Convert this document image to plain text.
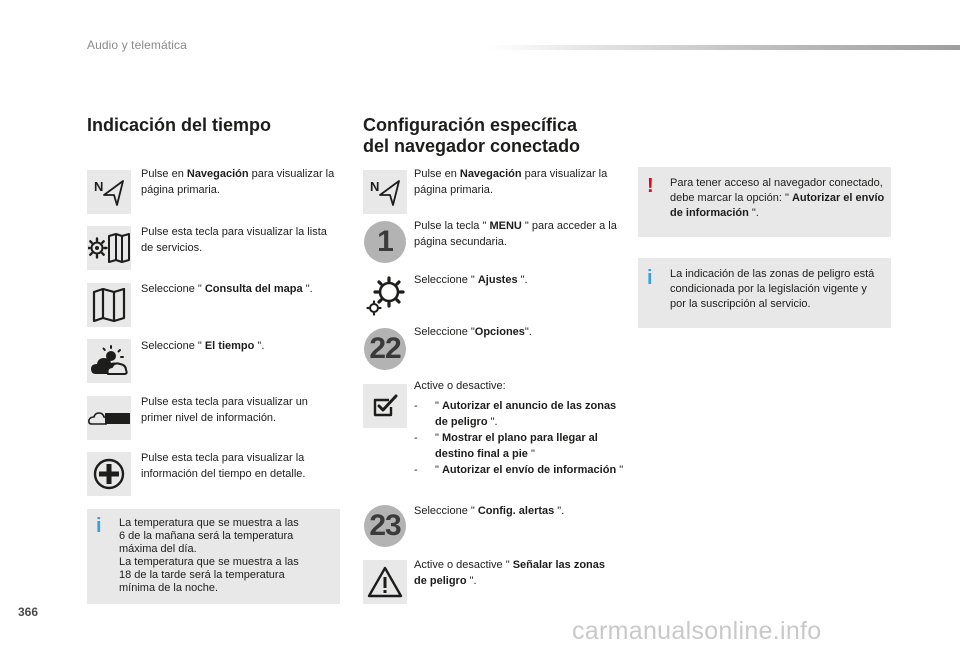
Audio y telemática
Indicación del tiempo
N
Pulse en Navegación para visualizar la página primaria.
Pulse esta tecla para visualizar la lista de servicios.
Seleccione " Consulta del mapa ".
Seleccione " El tiempo ".
Pulse esta tecla para visualizar un primer nivel de información.
Pulse esta tecla para visualizar la información del tiempo en detalle.
i La temperatura que se muestra a las
6 de la mañana será la temperatura
máxima del día.
La temperatura que se muestra a las
18 de la tarde será la temperatura
mínima de la noche.
Configuración específica
del navegador conectado
N
Pulse en Navegación para visualizar la página primaria.
1 Pulse la tecla " MENU " para acceder a la página secundaria.
Seleccione " Ajustes ".
22 Seleccione "Opciones".
Active o desactive:
-	" Autorizar el anuncio de las zonas de peligro ".
-	" Mostrar el plano para llegar al destino final a pie "
-	" Autorizar el envío de información "
23 Seleccione " Config. alertas ".
Active o desactive " Señalar las zonas de peligro ".
! Para tener acceso al navegador conectado, debe marcar la opción: " Autorizar el envío de información ".
i La indicación de las zonas de peligro está condicionada por la legislación vigente y por la suscripción al servicio.
366
carmanualsonline.info
